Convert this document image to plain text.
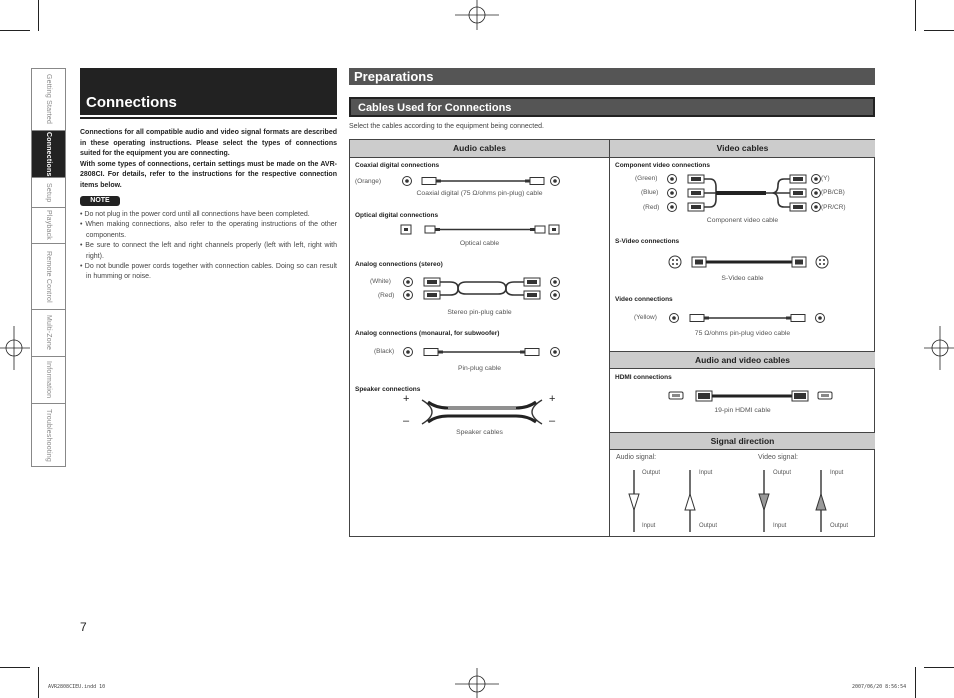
Getting Started
Connections
Setup
Playback
Remote Control
Multi-Zone
Information
Troubleshooting
Connections

Connections for all compatible audio and video signal formats are described in these operating instructions. Please select the types of connections suited for the equipment you are connecting.

With some types of connections, certain settings must be made on the AVR-2808CI. For details, refer to the instructions for the respective connection items below.

NOTE
• Do not plug in the power cord until all connections have been completed.
• When making connections, also refer to the operating instructions of the other components.
• Be sure to connect the left and right channels properly (left with left, right with right).
• Do not bundle power cords together with connection cables. Doing so can result in humming or noise.
7
Preparations
Cables Used for Connections
Select the cables according to the equipment being connected.
Audio cables
Coaxial digital connections
(Orange)
Coaxial digital (75 Ω/ohms pin-plug) cable
Optical digital connections
Optical cable
Analog connections (stereo)
(White)
(Red)
Stereo pin-plug cable
Analog connections (monaural, for subwoofer)
(Black)
Pin-plug cable
Speaker connections
+
–
+
–
Speaker cables
Video cables
Component video connections
(Green)
(Blue)
(Red)
(Y)
(PB/CB)
(PR/CR)
Component video cable
S-Video connections
S-Video cable
Video connections
(Yellow)
75 Ω/ohms pin-plug video cable
Audio and video cables
HDMI connections
19-pin HDMI cable
Signal direction
Audio signal:	Video signal:
Output	Input
Input	Output
Output	Input
Input	Output
AVR2808CIEU.indd 10	2007/06/20 8:56:54
